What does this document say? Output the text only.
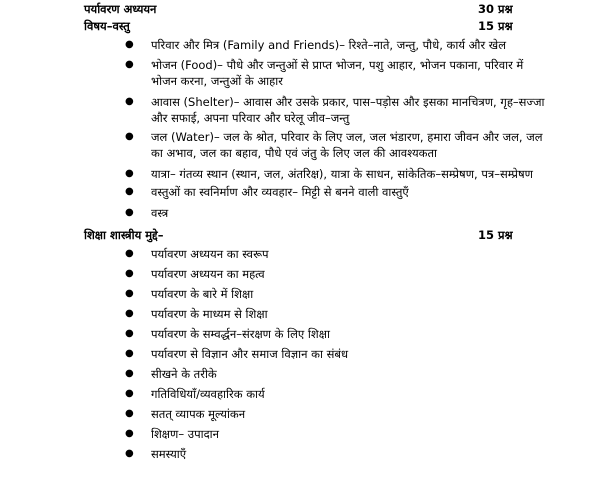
पर्यावरण अध्ययन	30 प्रश्न
विषय–वस्तु	15 प्रश्न
● परिवार और मित्र (Family and Friends)– रिश्ते–नाते, जन्तु, पौधे, कार्य और खेल
● भोजन (Food)– पौधे और जन्तुओं से प्राप्त भोजन, पशु आहार, भोजन पकाना, परिवार में भोजन करना, जन्तुओं के आहार
● आवास (Shelter)– आवास और उसके प्रकार, पास–पड़ोस और इसका मानचित्रण, गृह–सज्जा और सफाई, अपना परिवार और घरेलू जीव–जन्तु
● जल (Water)– जल के श्रोत, परिवार के लिए जल, जल भंडारण, हमारा जीवन और जल, जल का अभाव, जल का बहाव, पौधे एवं जंतु के लिए जल की आवश्यकता
● यात्रा– गंतव्य स्थान (स्थान, जल, अंतरिक्ष), यात्रा के साधन, सांकेतिक–सम्प्रेषण, पत्र–सम्प्रेषण
● वस्तुओं का स्वनिर्माण और व्यवहार– मिट्टी से बनने वाली वास्तुएँ
● वस्त्र
शिक्षा शास्त्रीय मुद्दे–	15 प्रश्न
● पर्यावरण अध्ययन का स्वरूप
● पर्यावरण अध्ययन का महत्व
● पर्यावरण के बारे में शिक्षा
● पर्यावरण के माध्यम से शिक्षा
● पर्यावरण के सम्वर्द्धन–संरक्षण के लिए शिक्षा
● पर्यावरण से विज्ञान और समाज विज्ञान का संबंध
● सीखने के तरीके
● गतिविधियाँ/व्यवहारिक कार्य
● सतत् व्यापक मूल्यांकन
● शिक्षण– उपादान
● समस्याएँ
